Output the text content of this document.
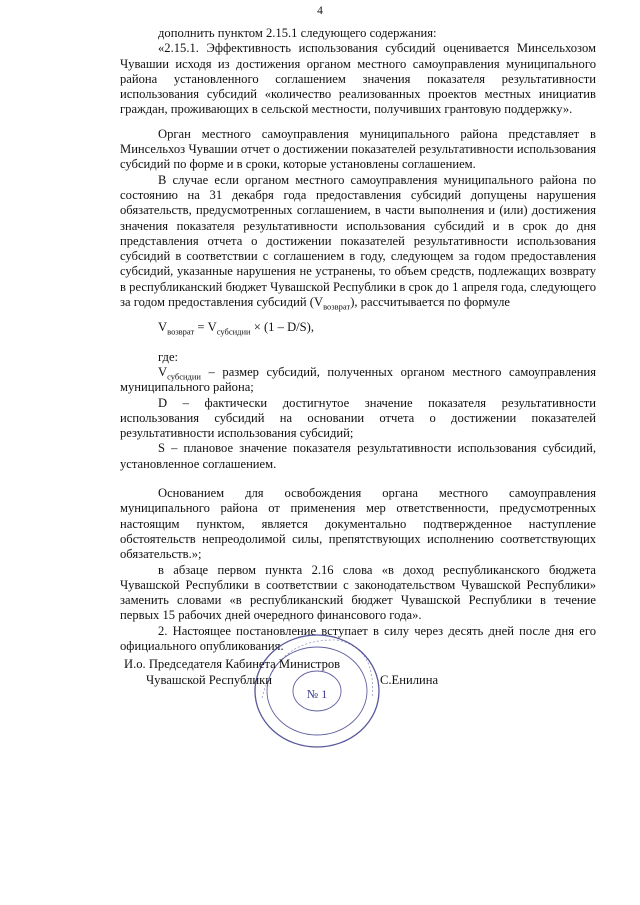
4

дополнить пунктом 2.15.1 следующего содержания:

«2.15.1. Эффективность использования субсидий оценивается Минсельхозом Чувашии исходя из достижения органом местного самоуправления муниципального района установленного соглашением значения показателя результативности использования субсидий «количество реализованных проектов местных инициатив граждан, проживающих в сельской местности, получивших грантовую поддержку».

Орган местного самоуправления муниципального района представляет в Минсельхоз Чувашии отчет о достижении показателей результативности использования субсидий по форме и в сроки, которые установлены соглашением.

В случае если органом местного самоуправления муниципального района по состоянию на 31 декабря года предоставления субсидий допущены нарушения обязательств, предусмотренных соглашением, в части выполнения и (или) достижения значения показателя результативности использования субсидий и в срок до дня представления отчета о достижении показателей результативности использования субсидий в соответствии с соглашением в году, следующем за годом предоставления субсидий, указанные нарушения не устранены, то объем средств, подлежащих возврату в республиканский бюджет Чувашской Республики в срок до 1 апреля года, следующего за годом предоставления субсидий $(V_{возврат})$, рассчитывается по формуле

$V_{возврат} = V_{субсидии} \times (1 - D/S)$,

где:

$V_{субсидии}$ – размер субсидий, полученных органом местного самоуправления муниципального района;

D – фактически достигнутое значение показателя результативности использования субсидий на основании отчета о достижении показателей результативности использования субсидий;

S – плановое значение показателя результативности использования субсидий, установленное соглашением.

Основанием для освобождения органа местного самоуправления муниципального района от применения мер ответственности, предусмотренных настоящим пунктом, является документально подтвержденное наступление обстоятельств непреодолимой силы, препятствующих исполнению соответствующих обязательств.»;

в абзаце первом пункта 2.16 слова «в доход республиканского бюджета Чувашской Республики в соответствии с законодательством Чувашской Республики» заменить словами «в республиканский бюджет Чувашской Республики в течение первых 15 рабочих дней очередного финансового года».

2. Настоящее постановление вступает в силу через десять дней после дня его официального опубликования.

№ 1
И.о. Председателя Кабинета Министров
Чувашской Республики	С.Енилина
